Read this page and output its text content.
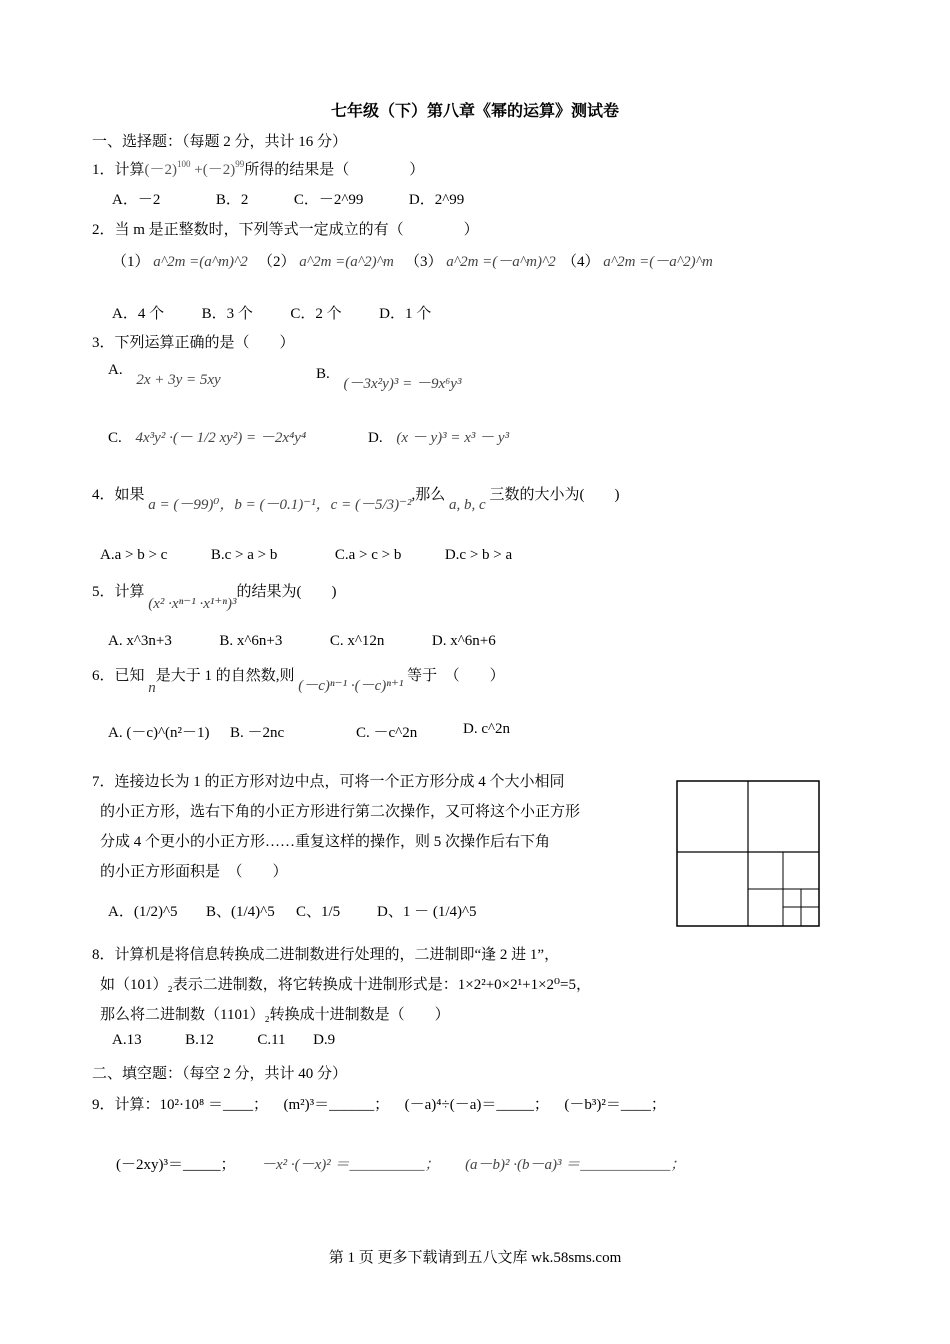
七年级（下）第八章《幂的运算》测试卷
一、选择题：（每题 2 分，共计 16 分）
1．计算$(-2)^{100} +(-2)^{99}$所得的结果是（　　　　）
A．－2	B．2	C．－2^99	D．2^99
2．当 m 是正整数时，下列等式一定成立的有（　　　　）
（1） a^2m =(a^m)^2 （2） a^2m =(a^2)^m （3） a^2m =(－a^m)^2 （4） a^2m =(－a^2)^m
A．4 个	B．3 个	C．2 个	D．1 个
3．下列运算正确的是（　　）
A. 2x + 3y = 5xy	B. (－3x²y)³ = －9x⁶y³
C. 4x³y² ·(－ 1/2 xy²) = －2x⁴y⁴	D. (x － y)³ = x³ － y³
4．如果 a = (－99)⁰，b = (－0.1)⁻¹，c = (－5/3)⁻²,那么 a, b, c 三数的大小为(　　)
A.a > b > c	B.c > a > b	C.a > c > b	D.c > b > a
5．计算 (x² ·xⁿ⁻¹ ·x¹⁺ⁿ)³的结果为(　　)
A. x^3n+3	B. x^6n+3	C. x^12n	D. x^6n+6
6．已知 n是大于 1 的自然数,则 (－c)ⁿ⁻¹ ·(－c)ⁿ⁺¹ 等于　（　　）
A. (－c)^(n²－1) B. －2nc	C. －c^2n	D. c^2n
7．连接边长为 1 的正方形对边中点，可将一个正方形分成 4 个大小相同
的小正方形，选右下角的小正方形进行第二次操作，又可将这个小正方形
分成 4 个更小的小正方形……重复这样的操作，则 5 次操作后右下角
的小正方形面积是　（　　）
A．(1/2)^5 B、(1/4)^5 C、1/5 D、1 － (1/4)^5
8．计算机是将信息转换成二进制数进行处理的，二进制即“逢 2 进 1”，
如（101）₂表示二进制数，将它转换成十进制形式是：1×2²+0×2¹+1×2⁰=5，
那么将二进制数（1101）₂转换成十进制数是（　　）
A.13	B.12	C.11 D.9
二、填空题：（每空 2 分，共计 40 分）
9．计算：10²·10⁸ ＝____； (m²)³＝______； (－a)⁴÷(－a)＝_____； (－b³)²＝____；
(－2xy)³＝_____； －x² ·(－x)² ＝__________； (a－b)² ·(b－a)³ ＝____________；
第 1 页 更多下载请到五八文库 wk.58sms.com
